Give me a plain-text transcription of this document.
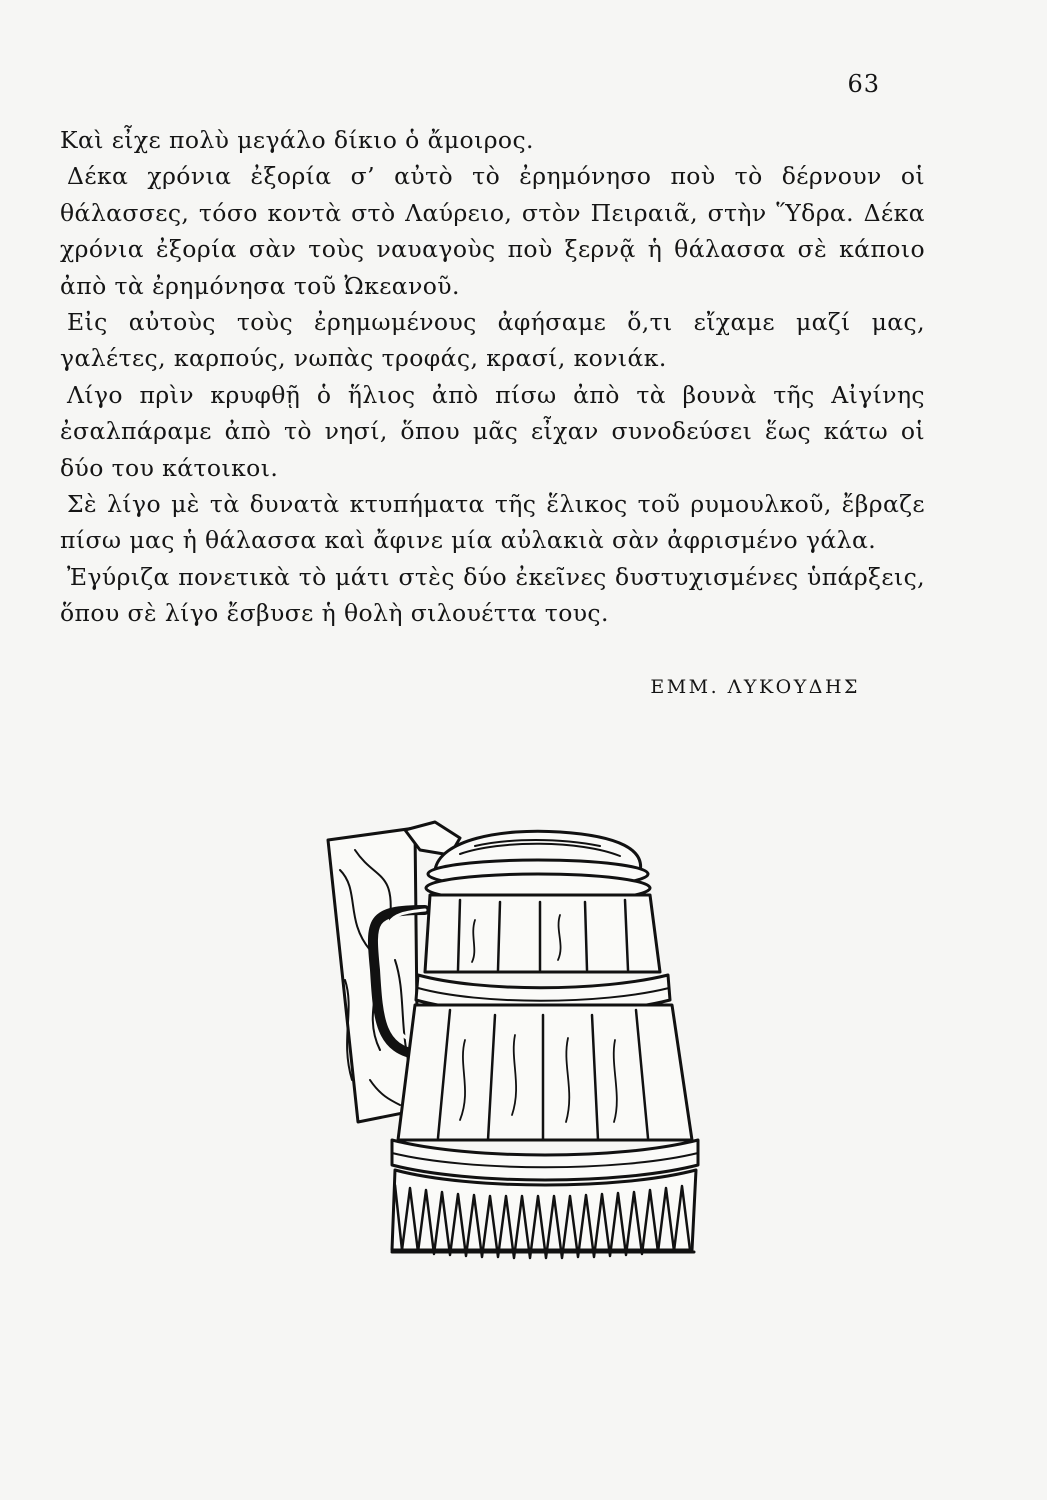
63

Καὶ εἶχε πολὺ μεγάλο δίκιο ὁ ἄμοιρος.

Δέκα χρόνια ἐξορία σ’ αὐτὸ τὸ ἐρημόνησο ποὺ τὸ δέρνουν οἱ θάλασσες, τόσο κοντὰ στὸ Λαύρειο, στὸν Πειραιᾶ, στὴν Ὕδρα. Δέκα χρόνια ἐξορία σὰν τοὺς ναυαγοὺς ποὺ ξερνᾷ ἡ θάλασσα σὲ κάποιο ἀπὸ τὰ ἐρημόνησα τοῦ Ὠκεανοῦ.

Εἰς αὐτοὺς τοὺς ἐρημωμένους ἀφήσαμε ὅ,τι εἴχαμε μαζί μας, γαλέτες, καρπούς, νωπὰς τροφάς, κρασί, κονιάκ.

Λίγο πρὶν κρυφθῇ ὁ ἥλιος ἀπὸ πίσω ἀπὸ τὰ βουνὰ τῆς Αἰγίνης ἐσαλπάραμε ἀπὸ τὸ νησί, ὅπου μᾶς εἶχαν συνοδεύσει ἕως κάτω οἱ δύο του κάτοικοι.

Σὲ λίγο μὲ τὰ δυνατὰ κτυπήματα τῆς ἕλικος τοῦ ρυμουλκοῦ, ἔβραζε πίσω μας ἡ θάλασσα καὶ ἄφινε μία αὐλακιὰ σὰν ἀφρισμένο γάλα.

Ἐγύριζα πονετικὰ τὸ μάτι στὲς δύο ἐκεῖνες δυστυχισμένες ὑπάρξεις, ὅπου σὲ λίγο ἔσβυσε ἡ θολὴ σιλουέττα τους.

ΕΜΜ. ΛΥΚΟΥΔΗΣ
